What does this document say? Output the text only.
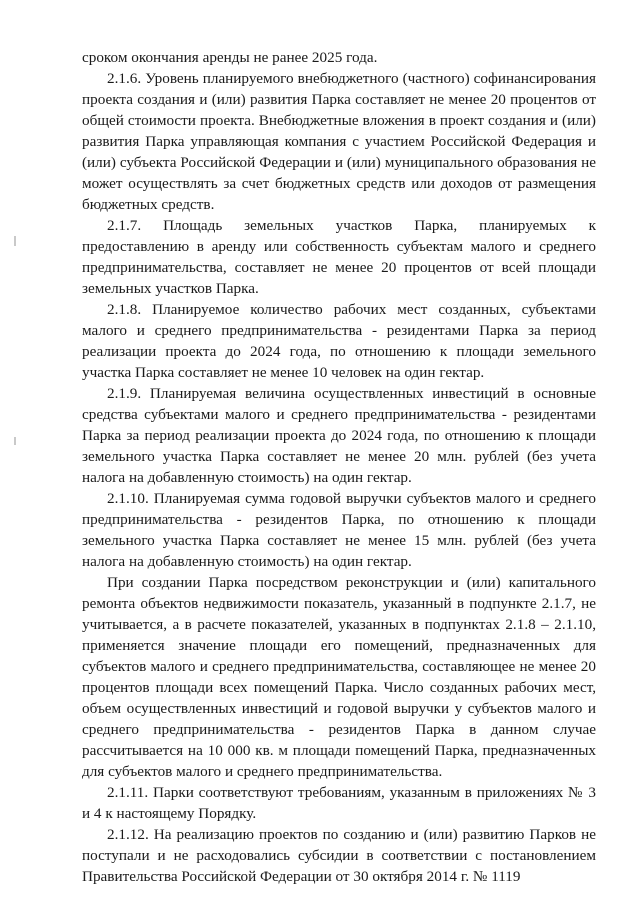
сроком окончания аренды не ранее 2025 года.

2.1.6. Уровень планируемого внебюджетного (частного) софинансирования проекта создания и (или) развития Парка составляет не менее 20 процентов от общей стоимости проекта. Внебюджетные вложения в проект создания и (или) развития Парка управляющая компания с участием Российской Федерация и (или) субъекта Российской Федерации и (или) муниципального образования не может осуществлять за счет бюджетных средств или доходов от размещения бюджетных средств.

2.1.7. Площадь земельных участков Парка, планируемых к предоставлению в аренду или собственность субъектам малого и среднего предпринимательства, составляет не менее 20 процентов от всей площади земельных участков Парка.

2.1.8. Планируемое количество рабочих мест созданных, субъектами малого и среднего предпринимательства - резидентами Парка за период реализации проекта до 2024 года, по отношению к площади земельного участка Парка составляет не менее 10 человек на один гектар.

2.1.9. Планируемая величина осуществленных инвестиций в основные средства субъектами малого и среднего предпринимательства - резидентами Парка за период реализации проекта до 2024 года, по отношению к площади земельного участка Парка составляет не менее 20 млн. рублей (без учета налога на добавленную стоимость) на один гектар.

2.1.10. Планируемая сумма годовой выручки субъектов малого и среднего предпринимательства - резидентов Парка, по отношению к площади земельного участка Парка составляет не менее 15 млн. рублей (без учета налога на добавленную стоимость) на один гектар.

При создании Парка посредством реконструкции и (или) капитального ремонта объектов недвижимости показатель, указанный в подпункте 2.1.7, не учитывается, а в расчете показателей, указанных в подпунктах 2.1.8 – 2.1.10, применяется значение площади его помещений, предназначенных для субъектов малого и среднего предпринимательства, составляющее не менее 20 процентов площади всех помещений Парка. Число созданных рабочих мест, объем осуществленных инвестиций и годовой выручки у субъектов малого и среднего предпринимательства - резидентов Парка в данном случае рассчитывается на 10 000 кв. м площади помещений Парка, предназначенных для субъектов малого и среднего предпринимательства.

2.1.11. Парки соответствуют требованиям, указанным в приложениях № 3 и 4 к настоящему Порядку.

2.1.12. На реализацию проектов по созданию и (или) развитию Парков не поступали и не расходовались субсидии в соответствии с постановлением Правительства Российской Федерации от 30 октября 2014 г. № 1119
